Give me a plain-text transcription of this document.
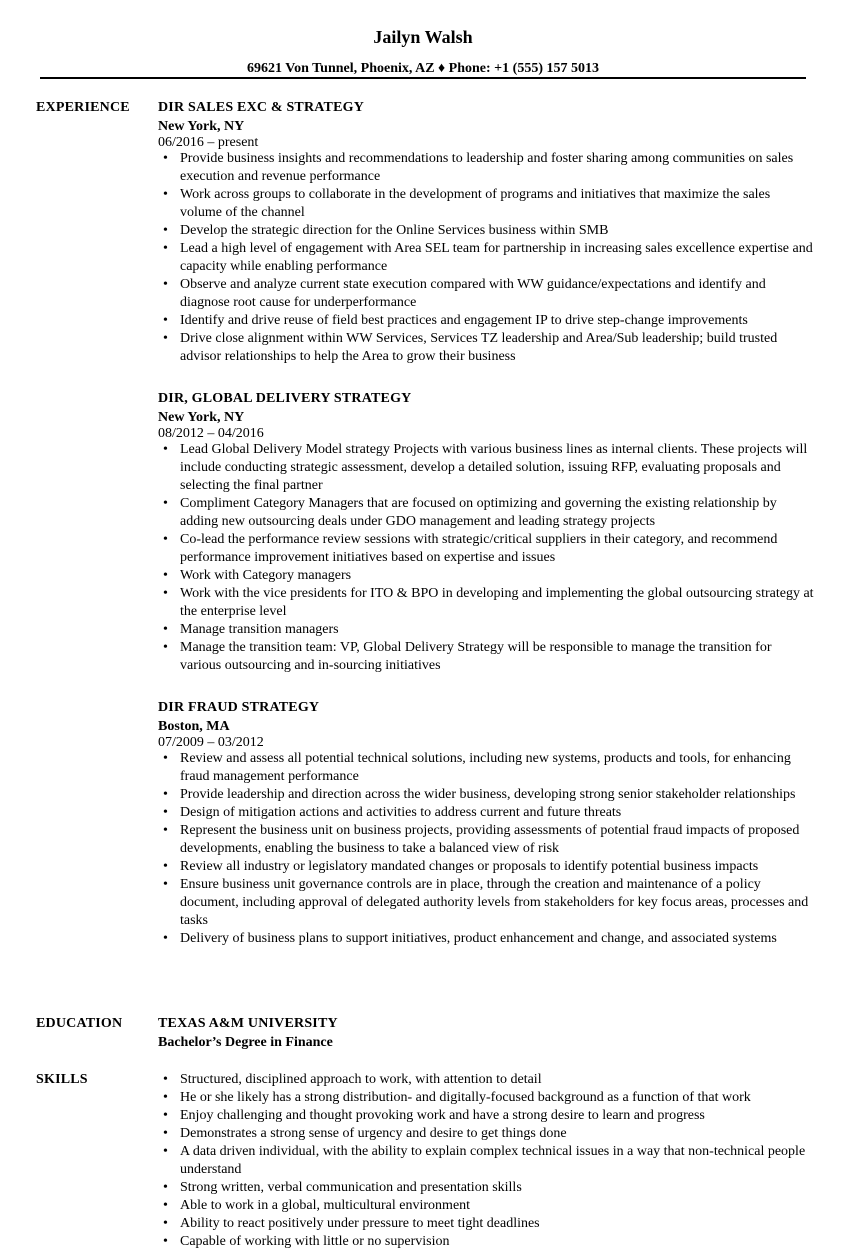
Jailyn Walsh
69621 Von Tunnel, Phoenix, AZ ♦ Phone: +1 (555) 157 5013
EXPERIENCE DIR SALES EXC & STRATEGY
New York, NY
06/2016 – present
• Provide business insights and recommendations to leadership and foster sharing among communities on sales execution and revenue performance
• Work across groups to collaborate in the development of programs and initiatives that maximize the sales volume of the channel
• Develop the strategic direction for the Online Services business within SMB
• Lead a high level of engagement with Area SEL team for partnership in increasing sales excellence expertise and capacity while enabling performance
• Observe and analyze current state execution compared with WW guidance/expectations and identify and diagnose root cause for underperformance
• Identify and drive reuse of field best practices and engagement IP to drive step-change improvements
• Drive close alignment within WW Services, Services TZ leadership and Area/Sub leadership; build trusted advisor relationships to help the Area to grow their business
DIR, GLOBAL DELIVERY STRATEGY
New York, NY
08/2012 – 04/2016
• Lead Global Delivery Model strategy Projects with various business lines as internal clients. These projects will include conducting strategic assessment, develop a detailed solution, issuing RFP, evaluating proposals and selecting the final partner
• Compliment Category Managers that are focused on optimizing and governing the existing relationship by adding new outsourcing deals under GDO management and leading strategy projects
• Co-lead the performance review sessions with strategic/critical suppliers in their category, and recommend performance improvement initiatives based on expertise and issues
• Work with Category managers
• Work with the vice presidents for ITO & BPO in developing and implementing the global outsourcing strategy at the enterprise level
• Manage transition managers
• Manage the transition team: VP, Global Delivery Strategy will be responsible to manage the transition for various outsourcing and in-sourcing initiatives
DIR FRAUD STRATEGY
Boston, MA
07/2009 – 03/2012
• Review and assess all potential technical solutions, including new systems, products and tools, for enhancing fraud management performance
• Provide leadership and direction across the wider business, developing strong senior stakeholder relationships
• Design of mitigation actions and activities to address current and future threats
• Represent the business unit on business projects, providing assessments of potential fraud impacts of proposed developments, enabling the business to take a balanced view of risk
• Review all industry or legislatory mandated changes or proposals to identify potential business impacts
• Ensure business unit governance controls are in place, through the creation and maintenance of a policy document, including approval of delegated authority levels from stakeholders for key focus areas, processes and tasks
• Delivery of business plans to support initiatives, product enhancement and change, and associated systems
EDUCATION	TEXAS A&M UNIVERSITY
Bachelor’s Degree in Finance
SKILLS
•	Structured, disciplined approach to work, with attention to detail
• He or she likely has a strong distribution- and digitally-focused background as a function of that work
• Enjoy challenging and thought provoking work and have a strong desire to learn and progress
• Demonstrates a strong sense of urgency and desire to get things done
• A data driven individual, with the ability to explain complex technical issues in a way that non-technical people understand
• Strong written, verbal communication and presentation skills
• Able to work in a global, multicultural environment
• Ability to react positively under pressure to meet tight deadlines
• Capable of working with little or no supervision
